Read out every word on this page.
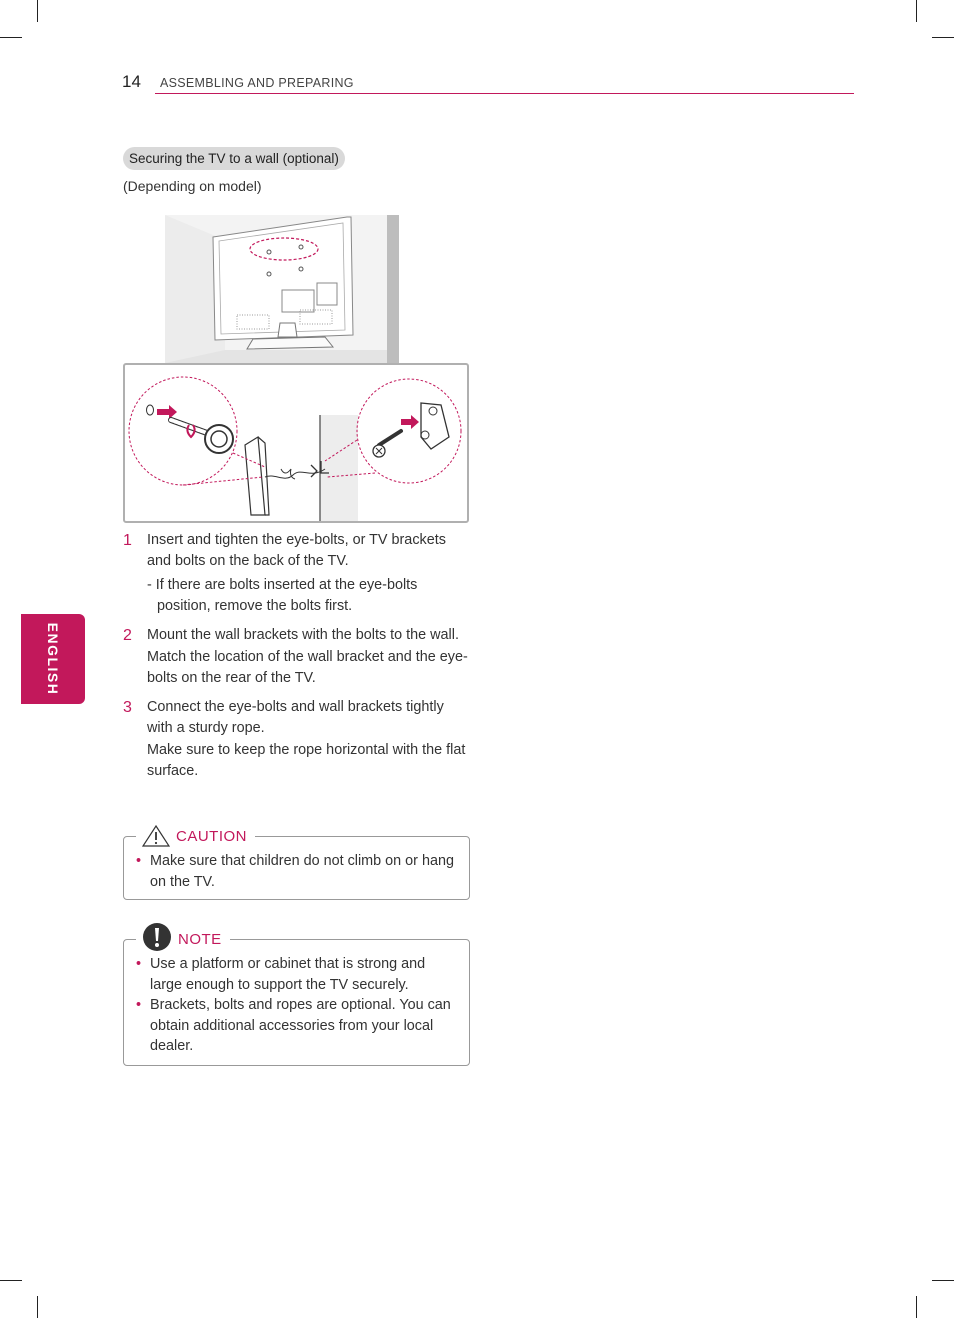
14 ASSEMBLING AND PREPARING
ENGLISH
Securing the TV to a wall (optional)
(Depending on model)
1 Insert and tighten the eye-bolts, or TV brackets and bolts on the back of the TV.

- If there are bolts inserted at the eye-bolts position, remove the bolts first.

2 Mount the wall brackets with the bolts to the wall.

Match the location of the wall bracket and the eye-bolts on the rear of the TV.

3 Connect the eye-bolts and wall brackets tightly with a sturdy rope.

Make sure to keep the rope horizontal with the flat surface.

CAUTION
• Make sure that children do not climb on or hang on the TV.
NOTE
• Use a platform or cabinet that is strong and large enough to support the TV securely.
• Brackets, bolts and ropes are optional. You can obtain additional accessories from your local dealer.
